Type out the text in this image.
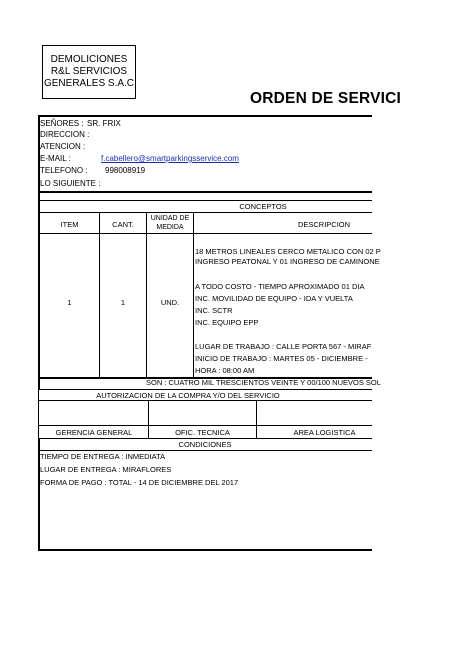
DEMOLICIONES
R&L SERVICIOS
GENERALES S.A.C
ORDEN DE SERVICI
SEÑORES : SR. FRIX
DIRECCION :
ATENCION :
E-MAIL :	f.cabellero@smartparkingsservice.com
TELEFONO : 998008919
LO SIGUIENTE :
CONCEPTOS
ITEM	CANT.
UNIDAD DE
MEDIDA	DESCRIPCION
1	1	UND.
18 METROS LINEALES CERCO METALICO CON 02 P
INGRESO PEATONAL Y 01 INGRESO DE CAMINONE
A TODO COSTO - TIEMPO APROXIMADO 01 DIA
INC. MOVILIDAD DE EQUIPO - IDA Y VUELTA
INC. SCTR
INC. EQUIPO EPP
LUGAR DE TRABAJO : CALLE PORTA 567 - MIRAF
INICIO DE TRABAJO : MARTES 05 - DICIEMBRE -
HORA : 08:00 AM
SON : CUATRO MIL TRESCIENTOS VEINTE Y 00/100 NUEVOS SOL
AUTORIZACION DE LA COMPRA Y/O DEL SERVICIO
GERENCIA GENERAL	OFIC. TECNICA	AREA LOGISTICA
CONDICIONES
TIEMPO DE ENTREGA : INMEDIATA
LUGAR DE ENTREGA : MIRAFLORES
FORMA DE PAGO : TOTAL - 14 DE DICIEMBRE DEL 2017
